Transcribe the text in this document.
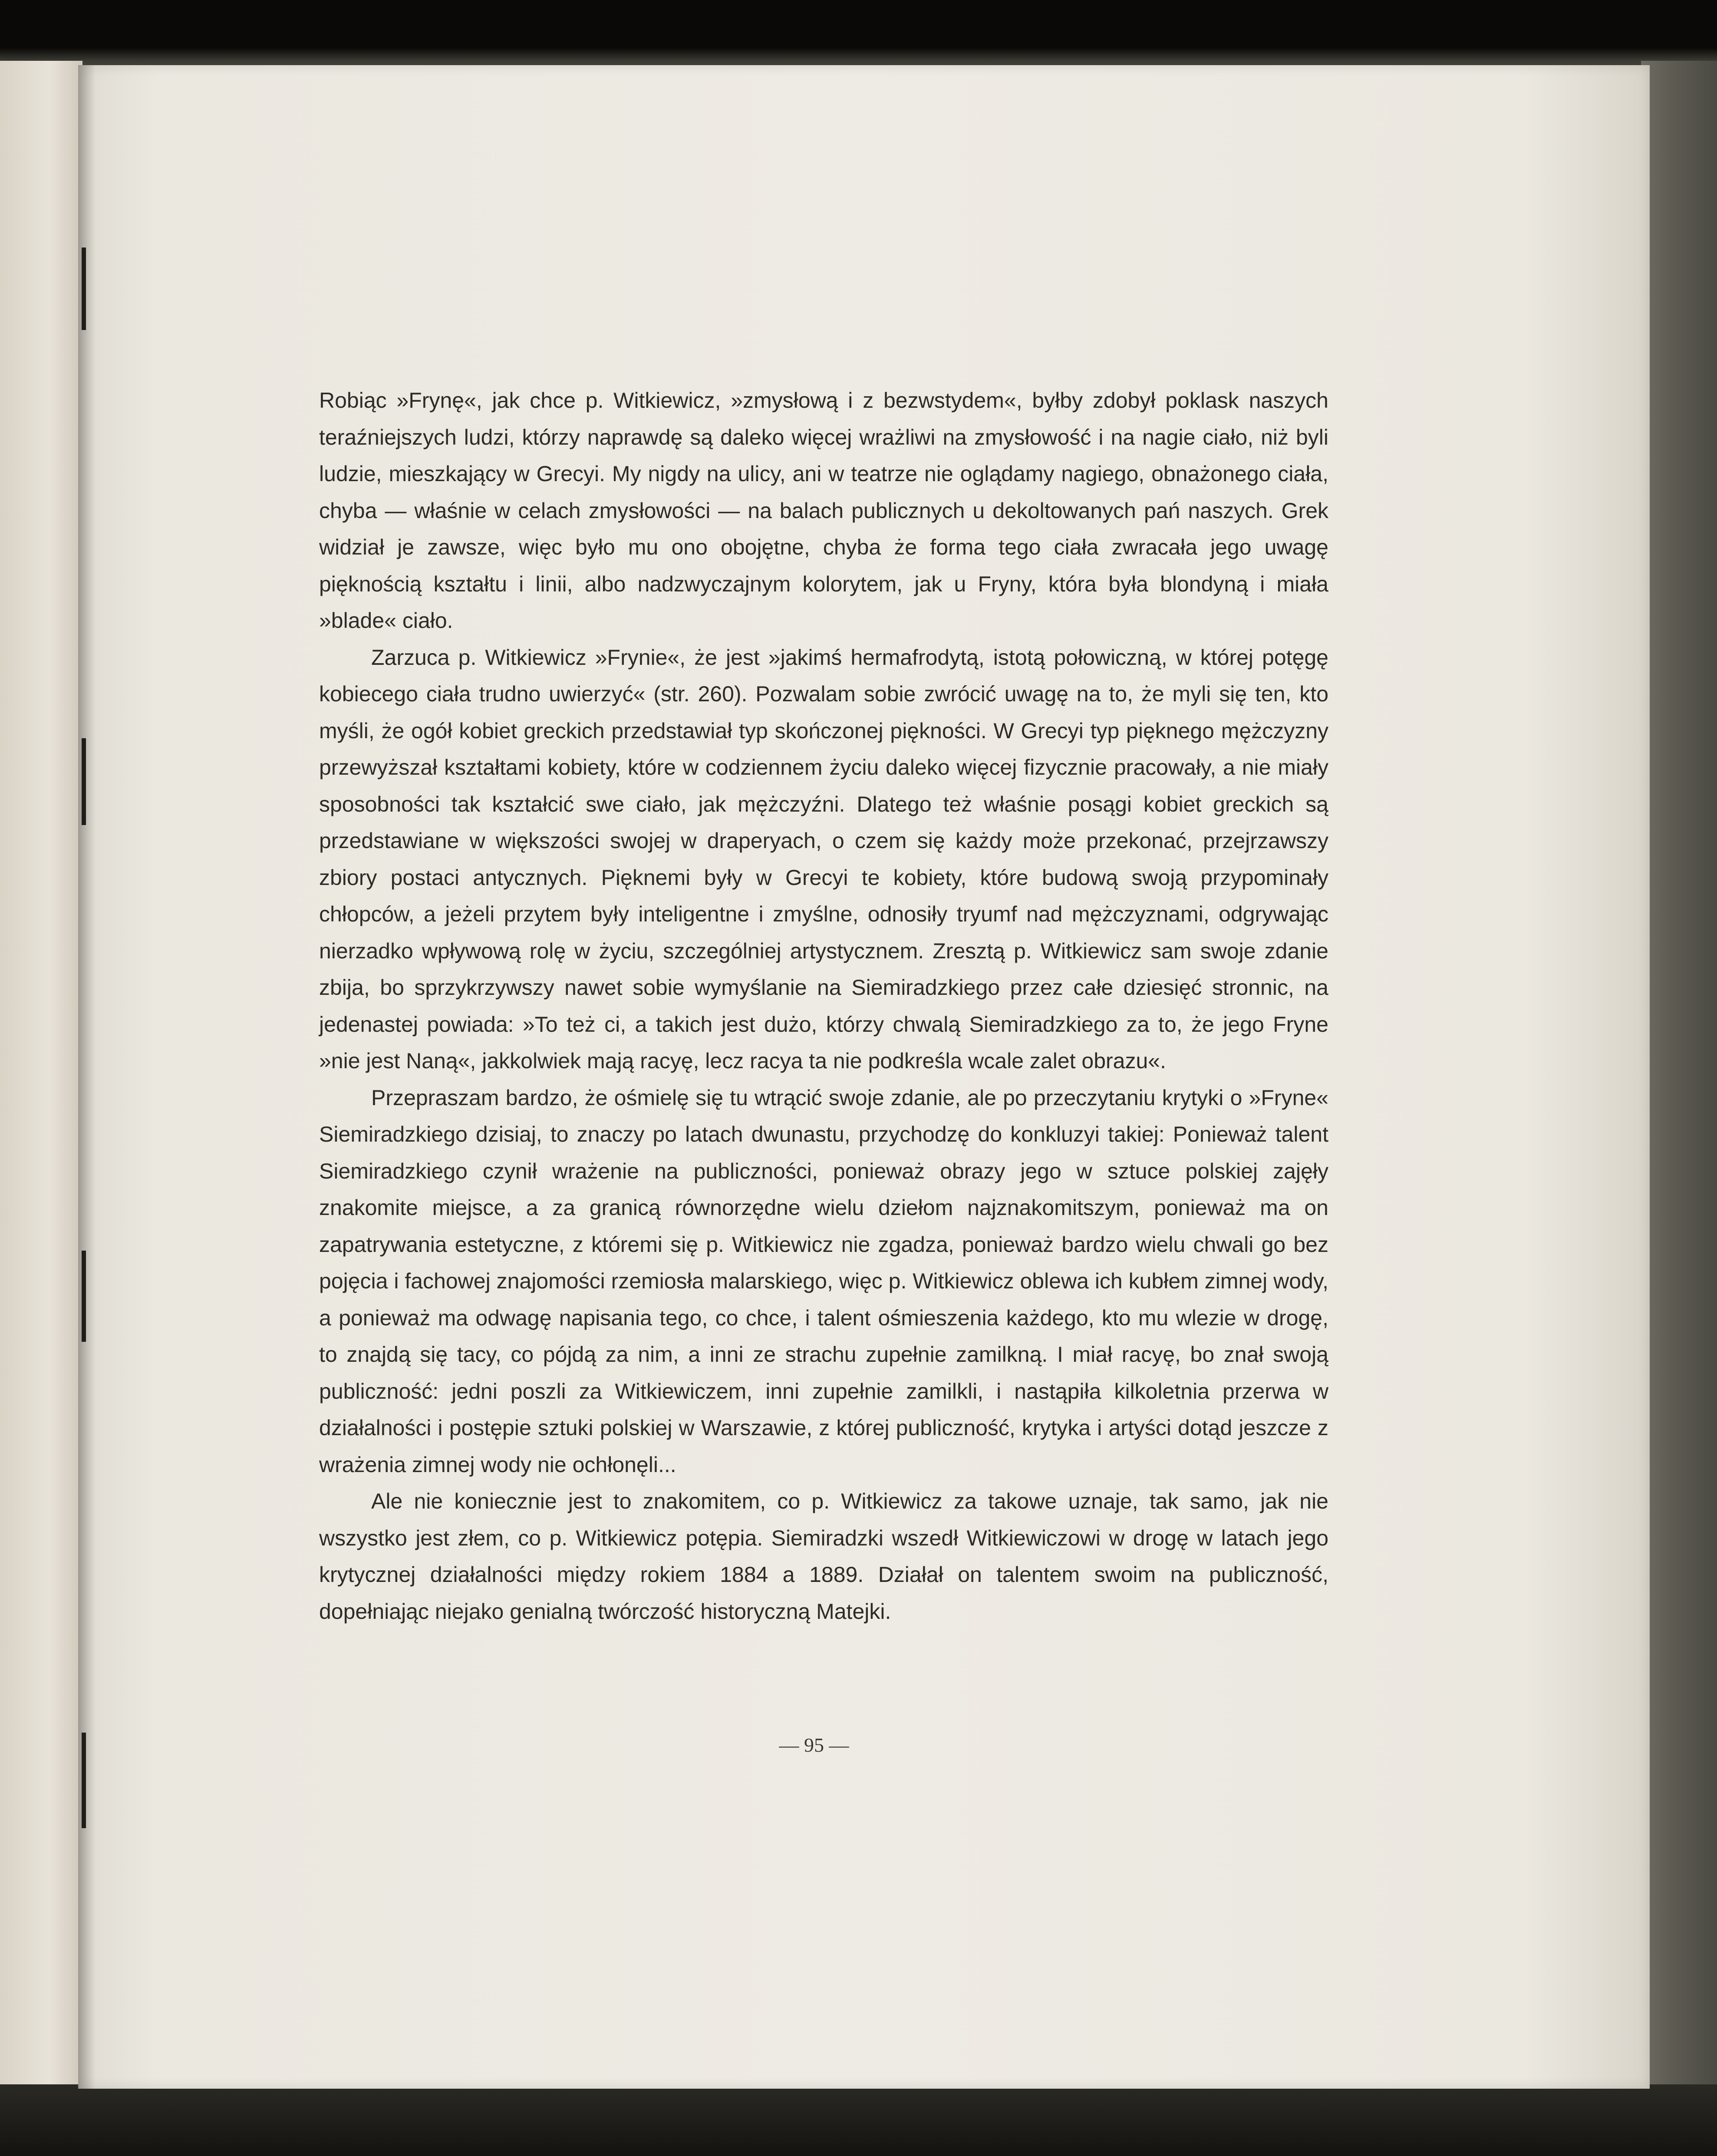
Robiąc »Frynę«, jak chce p. Witkiewicz, »zmysłową i z bezwstydem«, byłby zdobył poklask naszych teraźniejszych ludzi, którzy naprawdę są daleko więcej wrażliwi na zmysłowość i na nagie ciało, niż byli ludzie, mieszkający w Grecyi. My nigdy na ulicy, ani w teatrze nie oglądamy nagiego, obnażonego ciała, chyba — właśnie w celach zmysłowości — na balach publicznych u dekoltowanych pań naszych. Grek widział je zawsze, więc było mu ono obojętne, chyba że forma tego ciała zwracała jego uwagę pięknością kształtu i linii, albo nadzwyczajnym kolorytem, jak u Fryny, która była blondyną i miała »blade« ciało.

Zarzuca p. Witkiewicz »Frynie«, że jest »jakimś hermafrodytą, istotą połowiczną, w której potęgę kobiecego ciała trudno uwierzyć« (str. 260). Pozwalam sobie zwrócić uwagę na to, że myli się ten, kto myśli, że ogół kobiet greckich przedstawiał typ skończonej piękności. W Grecyi typ pięknego mężczyzny przewyższał kształtami kobiety, które w codziennem życiu daleko więcej fizycznie pracowały, a nie miały sposobności tak kształcić swe ciało, jak mężczyźni. Dlatego też właśnie posągi kobiet greckich są przedstawiane w większości swojej w draperyach, o czem się każdy może przekonać, przejrzawszy zbiory postaci antycznych. Pięknemi były w Grecyi te kobiety, które budową swoją przypominały chłopców, a jeżeli przytem były inteligentne i zmyślne, odnosiły tryumf nad mężczyznami, odgrywając nierzadko wpływową rolę w życiu, szczególniej artystycznem. Zresztą p. Witkiewicz sam swoje zdanie zbija, bo sprzykrzywszy nawet sobie wymyślanie na Siemiradzkiego przez całe dziesięć stronnic, na jedenastej powiada: »To też ci, a takich jest dużo, którzy chwalą Siemiradzkiego za to, że jego Fryne »nie jest Naną«, jakkolwiek mają racyę, lecz racya ta nie podkreśla wcale zalet obrazu«.

Przepraszam bardzo, że ośmielę się tu wtrącić swoje zdanie, ale po przeczytaniu krytyki o »Fryne« Siemiradzkiego dzisiaj, to znaczy po latach dwunastu, przychodzę do konkluzyi takiej: Ponieważ talent Siemiradzkiego czynił wrażenie na publiczności, ponieważ obrazy jego w sztuce polskiej zajęły znakomite miejsce, a za granicą równorzędne wielu dziełom najznakomitszym, ponieważ ma on zapatrywania estetyczne, z któremi się p. Witkiewicz nie zgadza, ponieważ bardzo wielu chwali go bez pojęcia i fachowej znajomości rzemiosła malarskiego, więc p. Witkiewicz oblewa ich kubłem zimnej wody, a ponieważ ma odwagę napisania tego, co chce, i talent ośmieszenia każdego, kto mu wlezie w drogę, to znajdą się tacy, co pójdą za nim, a inni ze strachu zupełnie zamilkną. I miał racyę, bo znał swoją publiczność: jedni poszli za Witkiewiczem, inni zupełnie zamilkli, i nastąpiła kilkoletnia przerwa w działalności i postępie sztuki polskiej w Warszawie, z której publiczność, krytyka i artyści dotąd jeszcze z wrażenia zimnej wody nie ochłonęli...

Ale nie koniecznie jest to znakomitem, co p. Witkiewicz za takowe uznaje, tak samo, jak nie wszystko jest złem, co p. Witkiewicz potępia. Siemiradzki wszedł Witkiewiczowi w drogę w latach jego krytycznej działalności między rokiem 1884 a 1889. Działał on talentem swoim na publiczność, dopełniając niejako genialną twórczość historyczną Matejki.

— 95 —
